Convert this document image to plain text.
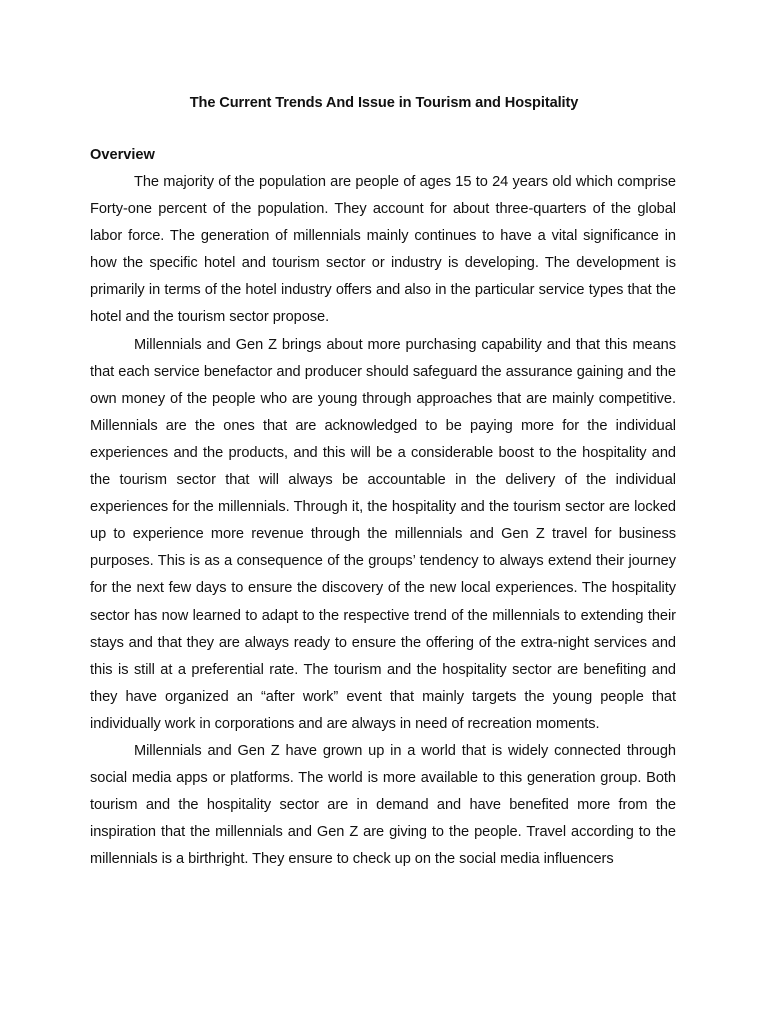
The Current Trends And Issue in Tourism and Hospitality
Overview

The majority of the population are people of ages 15 to 24 years old which comprise Forty-one percent of the population. They account for about three-quarters of the global labor force. The generation of millennials mainly continues to have a vital significance in how the specific hotel and tourism sector or industry is developing. The development is primarily in terms of the hotel industry offers and also in the particular service types that the hotel and the tourism sector propose.

Millennials and Gen Z brings about more purchasing capability and that this means that each service benefactor and producer should safeguard the assurance gaining and the own money of the people who are young through approaches that are mainly competitive. Millennials are the ones that are acknowledged to be paying more for the individual experiences and the products, and this will be a considerable boost to the hospitality and the tourism sector that will always be accountable in the delivery of the individual experiences for the millennials. Through it, the hospitality and the tourism sector are locked up to experience more revenue through the millennials and Gen Z travel for business purposes. This is as a consequence of the groups’ tendency to always extend their journey for the next few days to ensure the discovery of the new local experiences. The hospitality sector has now learned to adapt to the respective trend of the millennials to extending their stays and that they are always ready to ensure the offering of the extra-night services and this is still at a preferential rate. The tourism and the hospitality sector are benefiting and they have organized an “after work” event that mainly targets the young people that individually work in corporations and are always in need of recreation moments.

Millennials and Gen Z have grown up in a world that is widely connected through social media apps or platforms. The world is more available to this generation group. Both tourism and the hospitality sector are in demand and have benefited more from the inspiration that the millennials and Gen Z are giving to the people. Travel according to the millennials is a birthright. They ensure to check up on the social media influencers
